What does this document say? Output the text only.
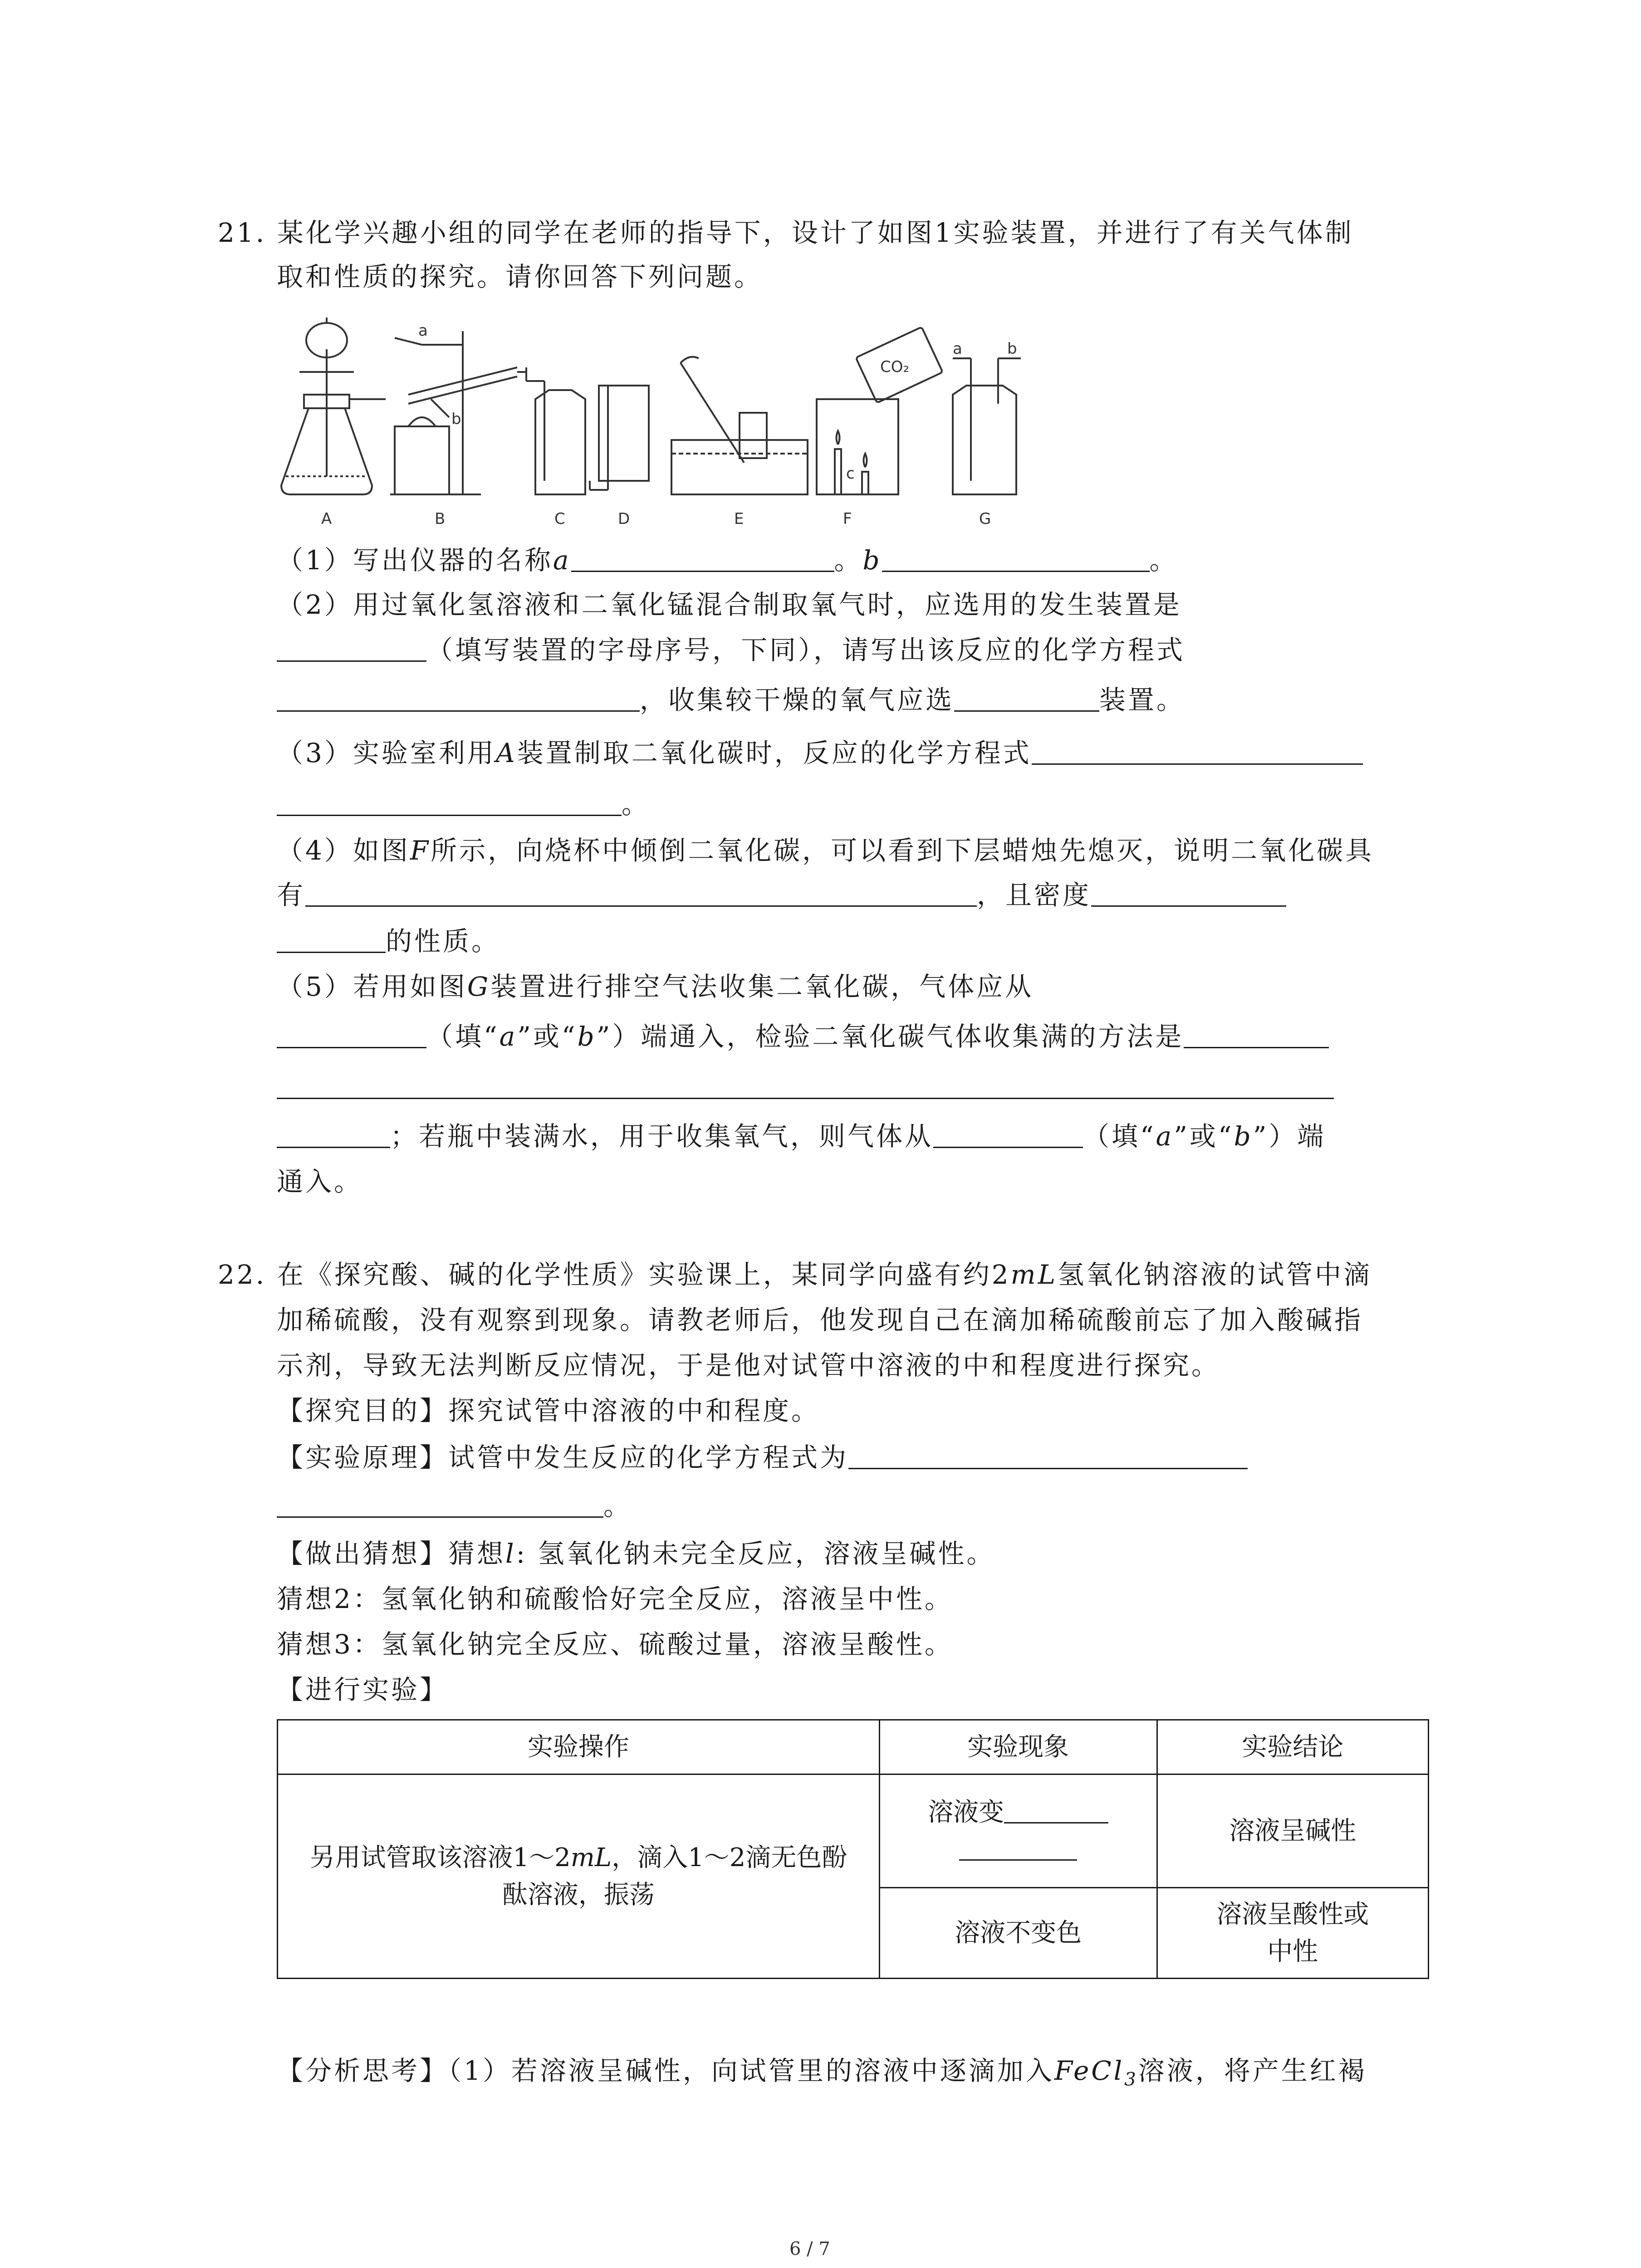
21. 某化学兴趣小组的同学在老师的指导下，设计了如图1实验装置，并进行了有关气体制
取和性质的探究。请你回答下列问题。
CO₂
a
b
c
a	b
A	B	C	D	E	F	G
（1）写出仪器的名称a	。b	。
（2）用过氧化氢溶液和二氧化锰混合制取氧气时，应选用的发生装置是
（填写装置的字母序号，下同），请写出该反应的化学方程式
，收集较干燥的氧气应选	装置。
（3）实验室利用A装置制取二氧化碳时，反应的化学方程式
。
（4）如图F所示，向烧杯中倾倒二氧化碳，可以看到下层蜡烛先熄灭，说明二氧化碳具
有	，且密度
的性质。
（5）若用如图G装置进行排空气法收集二氧化碳，气体应从
（填“a”或“b”）端通入，检验二氧化碳气体收集满的方法是
；若瓶中装满水，用于收集氧气，则气体从	（填“a”或“b”）端
通入。
22. 在《探究酸、碱的化学性质》实验课上，某同学向盛有约2mL氢氧化钠溶液的试管中滴
加稀硫酸，没有观察到现象。请教老师后，他发现自己在滴加稀硫酸前忘了加入酸碱指
示剂，导致无法判断反应情况，于是他对试管中溶液的中和程度进行探究。
【探究目的】探究试管中溶液的中和程度。
【实验原理】试管中发生反应的化学方程式为
。
【做出猜想】猜想l: 氢氧化钠未完全反应，溶液呈碱性。
猜想2：氢氧化钠和硫酸恰好完全反应，溶液呈中性。
猜想3：氢氧化钠完全反应、硫酸过量，溶液呈酸性。
【进行实验】
实验操作	实验现象	实验结论
另用试管取该溶液1～2mL，滴入1～2滴无色酚
酞溶液，振荡	溶液变	溶液呈碱性
	溶液不变色	溶液呈酸性或
中性
【分析思考】（1）若溶液呈碱性，向试管里的溶液中逐滴加入FeCl$_3$溶液，将产生红褐
6 / 7
